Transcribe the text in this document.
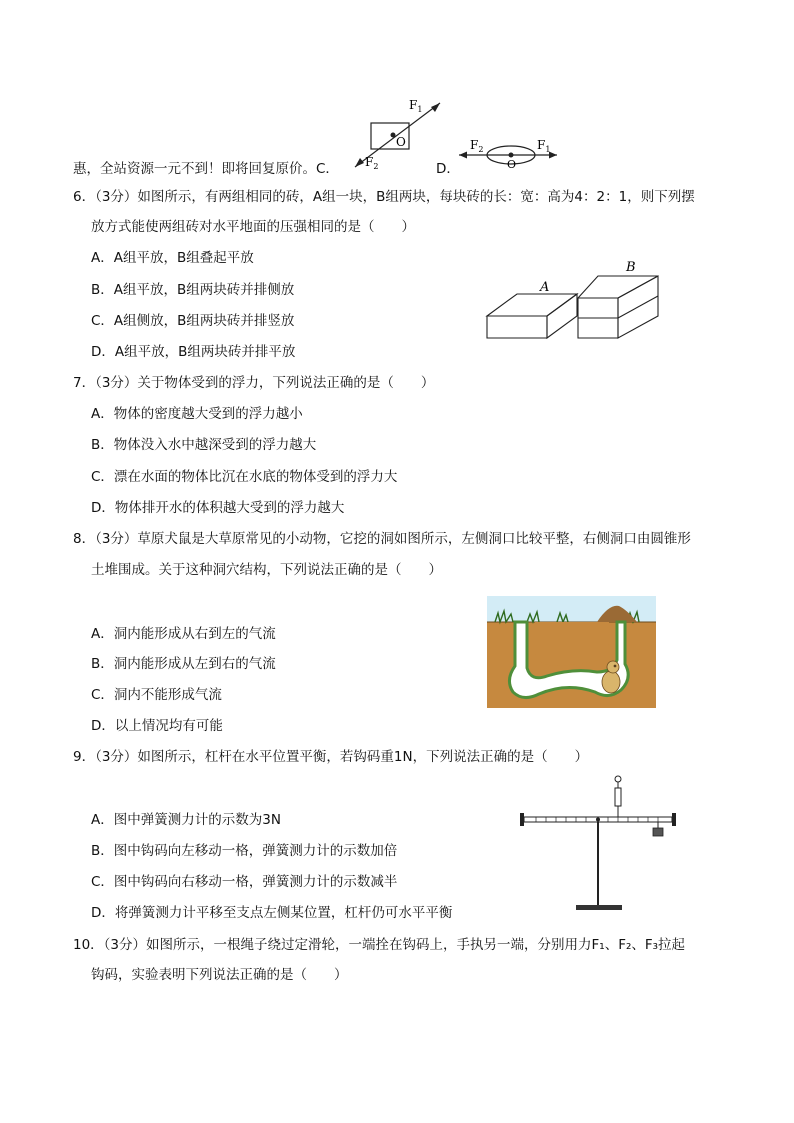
惠，全站资源一元不到！即将回复原价。C．
O
$F_1$
$F_2$	D．	O
$F_2$	$F_1$
6．（3分）如图所示，有两组相同的砖，A组一块，B组两块，每块砖的长：宽：高为4：2：1，则下列摆
放方式能使两组砖对水平地面的压强相同的是（　　）
A．A组平放，B组叠起平放
B．A组平放，B组两块砖并排侧放
C．A组侧放，B组两块砖并排竖放
D．A组平放，B组两块砖并排平放
A
B
7．（3分）关于物体受到的浮力，下列说法正确的是（　　）
A．物体的密度越大受到的浮力越小
B．物体没入水中越深受到的浮力越大
C．漂在水面的物体比沉在水底的物体受到的浮力大
D．物体排开水的体积越大受到的浮力越大
8．（3分）草原犬鼠是大草原常见的小动物，它挖的洞如图所示，左侧洞口比较平整，右侧洞口由圆锥形
土堆围成。关于这种洞穴结构，下列说法正确的是（　　）
A．洞内能形成从右到左的气流
B．洞内能形成从左到右的气流
C．洞内不能形成气流
D．以上情况均有可能
9．（3分）如图所示，杠杆在水平位置平衡，若钩码重1N，下列说法正确的是（　　）
A．图中弹簧测力计的示数为3N
B．图中钩码向左移动一格，弹簧测力计的示数加倍
C．图中钩码向右移动一格，弹簧测力计的示数减半
D．将弹簧测力计平移至支点左侧某位置，杠杆仍可水平平衡
10．（3分）如图所示，一根绳子绕过定滑轮，一端拴在钩码上，手执另一端，分别用力F₁、F₂、F₃拉起
钩码，实验表明下列说法正确的是（　　）
